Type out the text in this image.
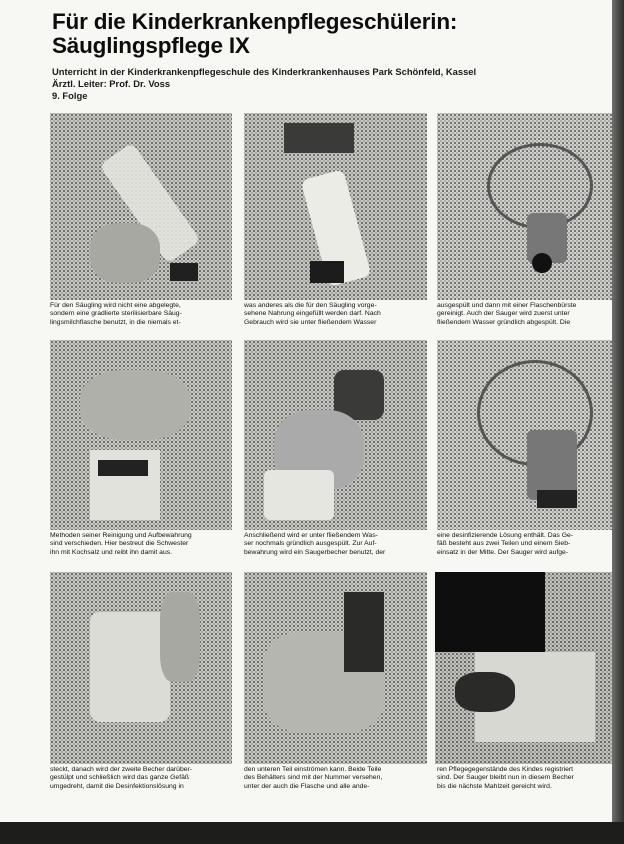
Für die Kinderkrankenpflegeschülerin:
Säuglingspflege IX
Unterricht in der Kinderkrankenpflegeschule des Kinderkrankenhauses Park Schönfeld, Kassel
Ärztl. Leiter: Prof. Dr. Voss
9. Folge
Für den Säugling wird nicht eine abgelegte,
sondern eine gradlierte sterilisierbare Säug-
lingsmilchflasche benutzt, in die niemals et-
was anderes als die für den Säugling vorge-
sehene Nahrung eingefüllt werden darf. Nach
Gebrauch wird sie unter fließendem Wasser
ausgespült und dann mit einer Flaschenbürste
gereinigt. Auch der Sauger wird zuerst unter
fließendem Wasser gründlich abgespült. Die
Methoden seiner Reinigung und Aufbewahrung
sind verschieden. Hier bestreut die Schwester
ihn mit Kochsalz und reibt ihn damit aus.
Anschließend wird er unter fließendem Was-
ser nochmals gründlich ausgespült. Zur Auf-
bewahrung wird ein Saugerbecher benutzt, der
eine desinfizierende Lösung enthält. Das Ge-
fäß besteht aus zwei Teilen und einem Sieb-
einsatz in der Mitte. Der Sauger wird aufge-
steckt, danach wird der zweite Becher darüber-
gestülpt und schließlich wird das ganze Gefäß
umgedreht, damit die Desinfektionslösung in
den unteren Teil einströmen kann. Beide Teile
des Behälters sind mit der Nummer versehen,
unter der auch die Flasche und alle ande-
ren Pflegegegenstände des Kindes registriert
sind. Der Sauger bleibt nun in diesem Becher
bis die nächste Mahlzeit gereicht wird.
